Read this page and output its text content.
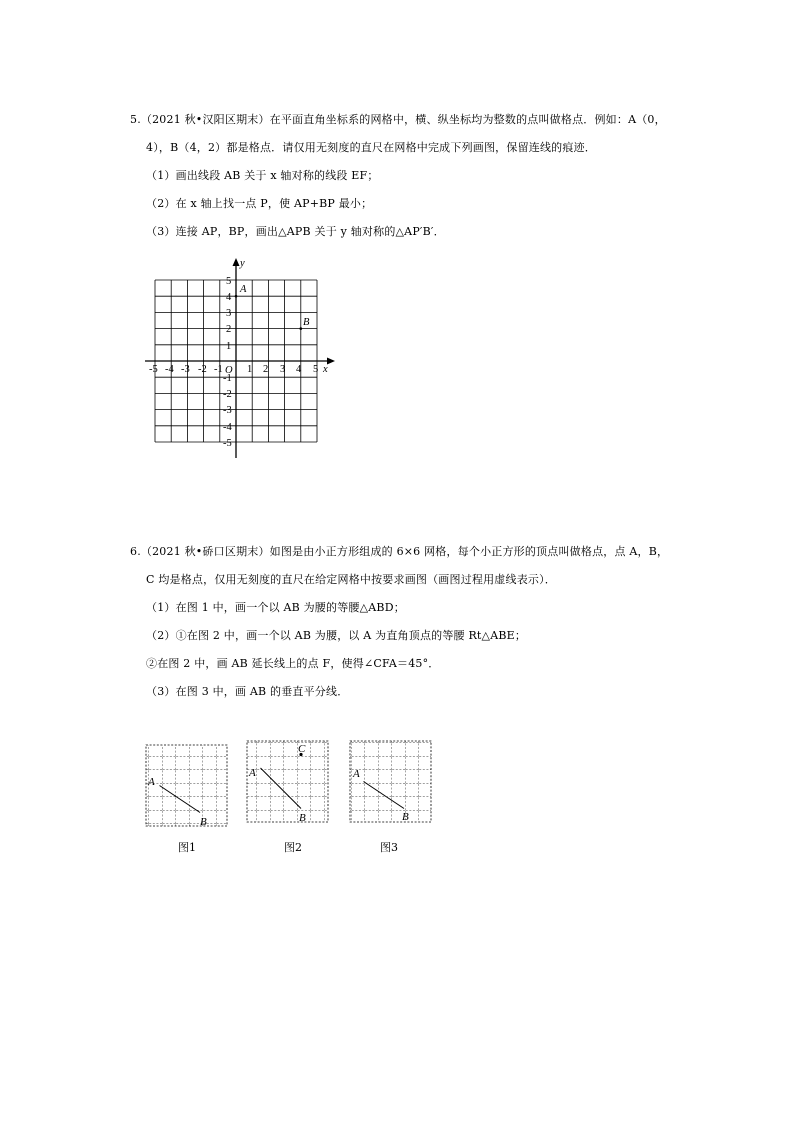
5.（2021 秋•汉阳区期末）在平面直角坐标系的网格中，横、纵坐标均为整数的点叫做格点．例如：A（0，
4），B（4，2）都是格点．请仅用无刻度的直尺在网格中完成下列画图，保留连线的痕迹．
（1）画出线段 AB 关于 x 轴对称的线段 EF；
（2）在 x 轴上找一点 P，使 AP+BP 最小；
（3）连接 AP，BP，画出△APB 关于 y 轴对称的△AP′B′．
-5 -4 -3 -2 -1 1 2 3 4 5
O	x
y
5
4
3
2
1
-1
-2
-3
-4
-5
A
B
6.（2021 秋•硚口区期末）如图是由小正方形组成的 6×6 网格，每个小正方形的顶点叫做格点，点 A，B，
C 均是格点，仅用无刻度的直尺在给定网格中按要求画图（画图过程用虚线表示）．
（1）在图 1 中，画一个以 AB 为腰的等腰△ABD；
（2）①在图 2 中，画一个以 AB 为腰，以 A 为直角顶点的等腰 Rt△ABE；
②在图 2 中，画 AB 延长线上的点 F，使得∠CFA＝45°．
（3）在图 3 中，画 AB 的垂直平分线．
A
B
C
A
B
A
B
图1	图2	图3
